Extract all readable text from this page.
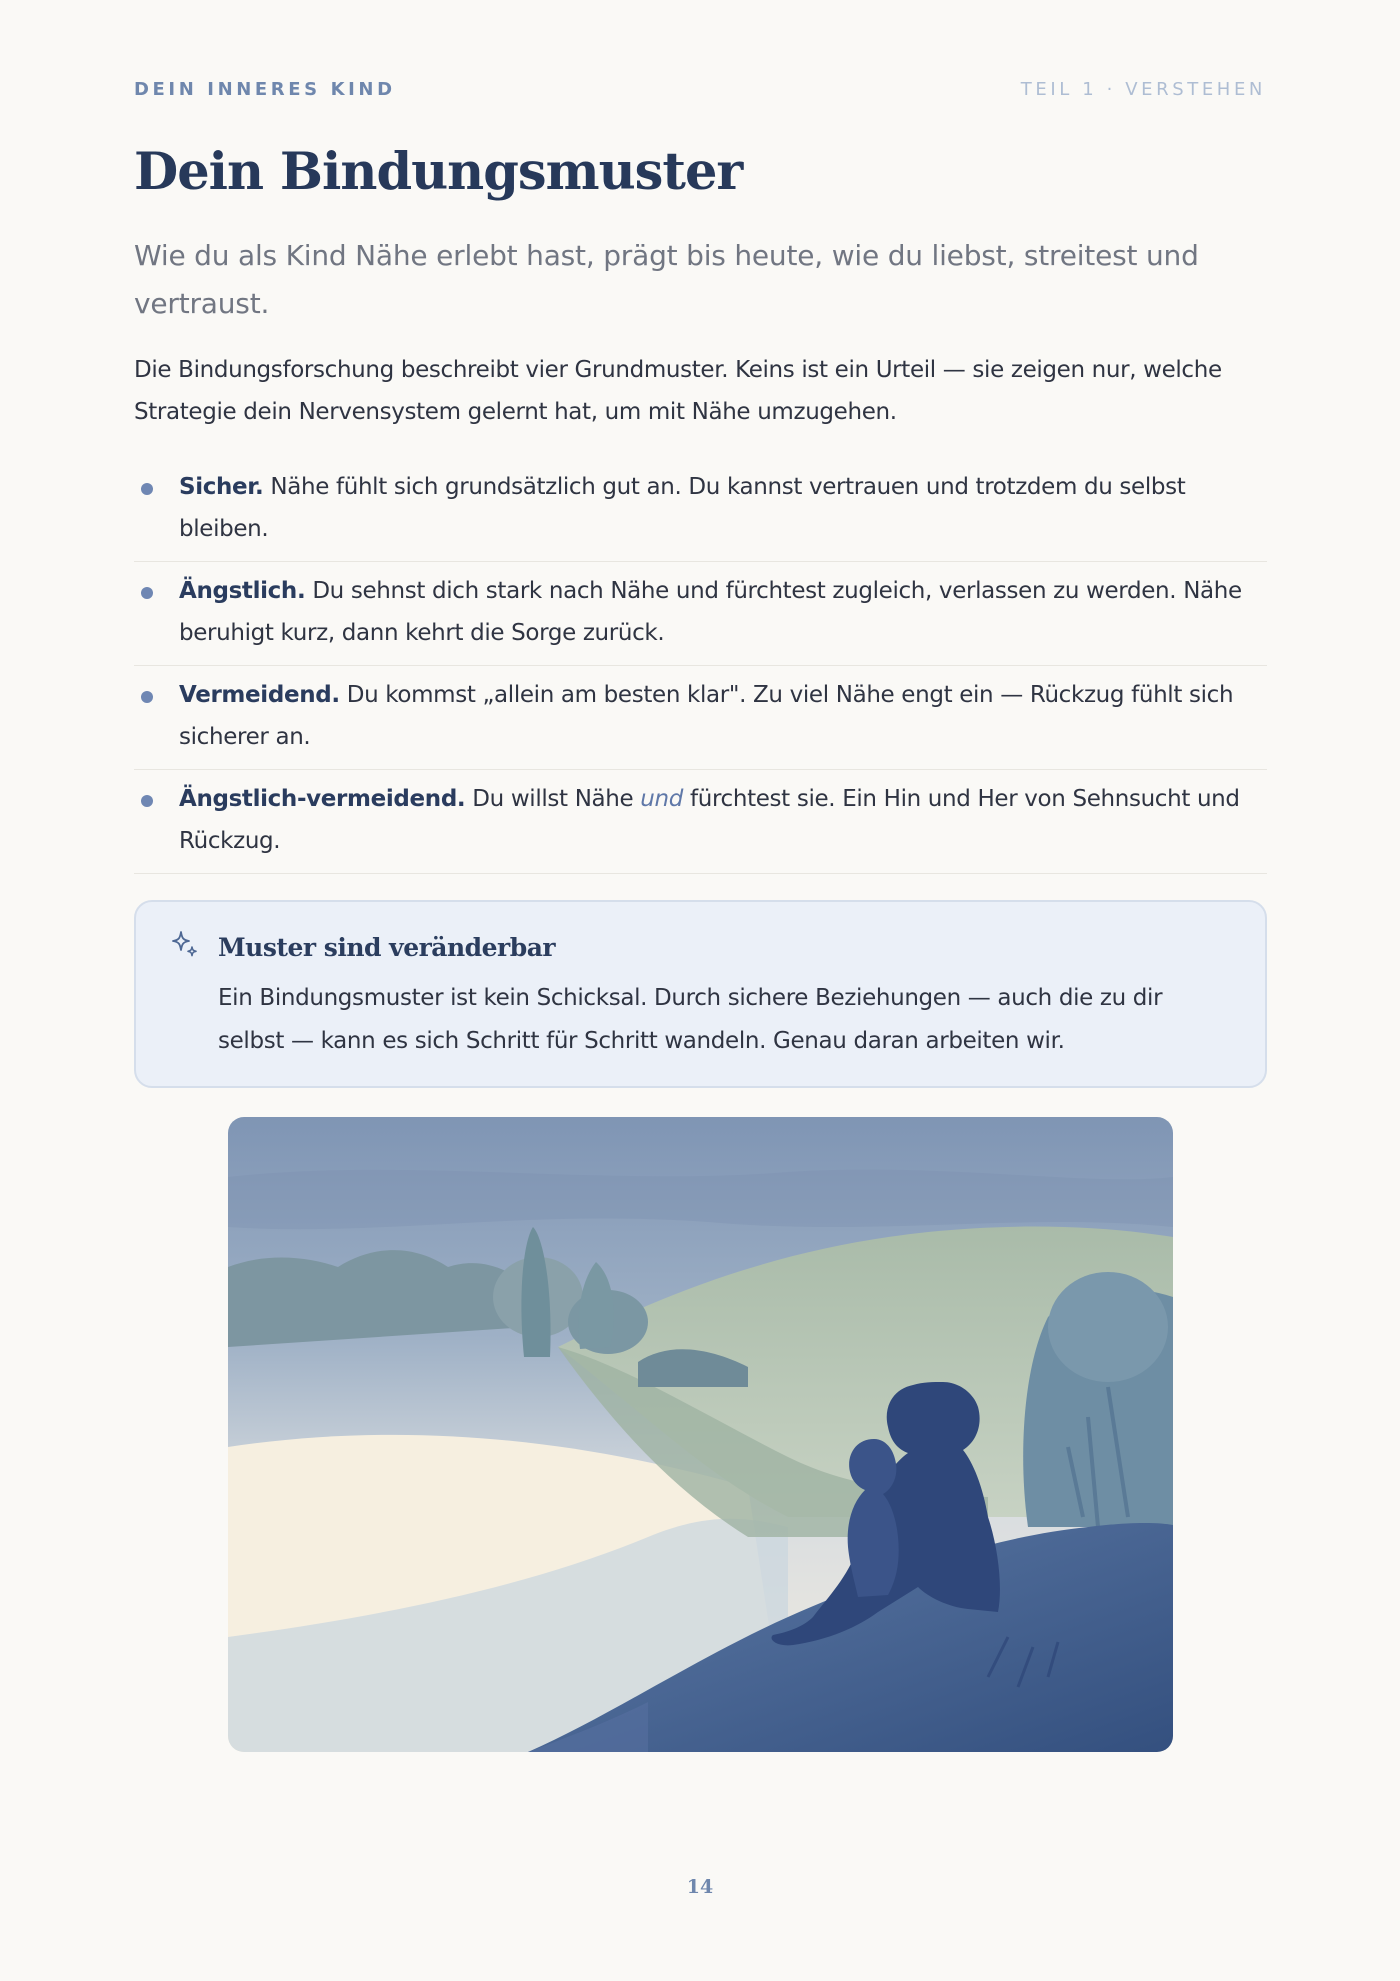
DEIN INNERES KIND	TEIL 1 · VERSTEHEN
Dein Bindungsmuster

Wie du als Kind Nähe erlebt hast, prägt bis heute, wie du liebst, streitest und vertraust.

Die Bindungsforschung beschreibt vier Grundmuster. Keins ist ein Urteil — sie zeigen nur, welche Strategie dein Nervensystem gelernt hat, um mit Nähe umzugehen.

Sicher. Nähe fühlt sich grundsätzlich gut an. Du kannst vertrauen und trotzdem du selbst bleiben.
Ängstlich. Du sehnst dich stark nach Nähe und fürchtest zugleich, verlassen zu werden. Nähe beruhigt kurz, dann kehrt die Sorge zurück.
Vermeidend. Du kommst „allein am besten klar". Zu viel Nähe engt ein — Rückzug fühlt sich sicherer an.
Ängstlich-vermeidend. Du willst Nähe und fürchtest sie. Ein Hin und Her von Sehnsucht und Rückzug.
Muster sind veränderbar

Ein Bindungsmuster ist kein Schicksal. Durch sichere Beziehungen — auch die zu dir selbst — kann es sich Schritt für Schritt wandeln. Genau daran arbeiten wir.

14
